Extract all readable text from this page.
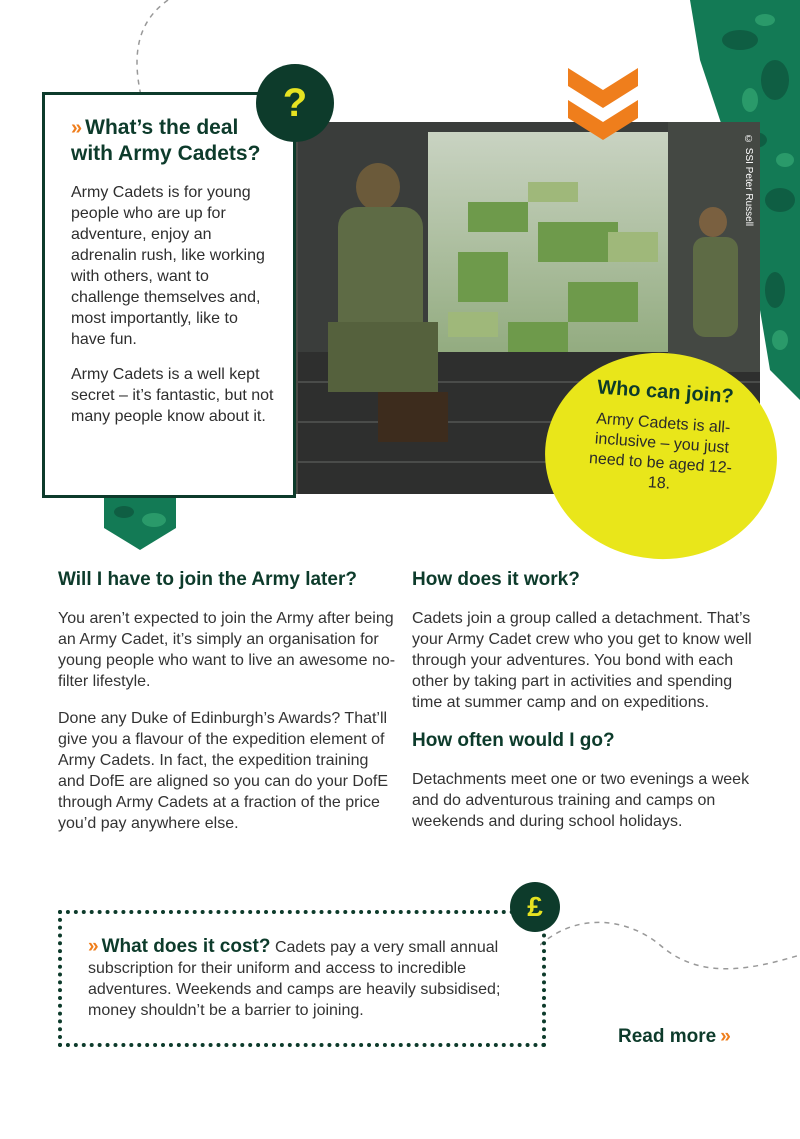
© SSI Peter Russell
» What’s the deal with Army Cadets?

Army Cadets is for young people who are up for adventure, enjoy an adrenalin rush, like working with others, want to challenge themselves and, most importantly, like to have fun.

Army Cadets is a well kept secret – it’s fantastic, but not many people know about it.

?
Who can join?
Army Cadets is all-inclusive – you just need to be aged 12-18.
Will I have to join the Army later?

You aren’t expected to join the Army after being an Army Cadet, it’s simply an organisation for young people who want to live an awesome no-filter lifestyle.

Done any Duke of Edinburgh’s Awards? That’ll give you a flavour of the expedition element of Army Cadets. In fact, the expedition training and DofE are aligned so you can do your DofE through Army Cadets at a fraction of the price you’d pay anywhere else.

How does it work?

Cadets join a group called a detachment. That’s your Army Cadet crew who you get to know well through your adventures. You bond with each other by taking part in activities and spending time at summer camp and on expeditions.

How often would I go?

Detachments meet one or two evenings a week and do adventurous training and camps on weekends and during school holidays.

» What does it cost? Cadets pay a very small annual subscription for their uniform and access to incredible adventures. Weekends and camps are heavily subsidised; money shouldn’t be a barrier to joining.

£
Read more »
